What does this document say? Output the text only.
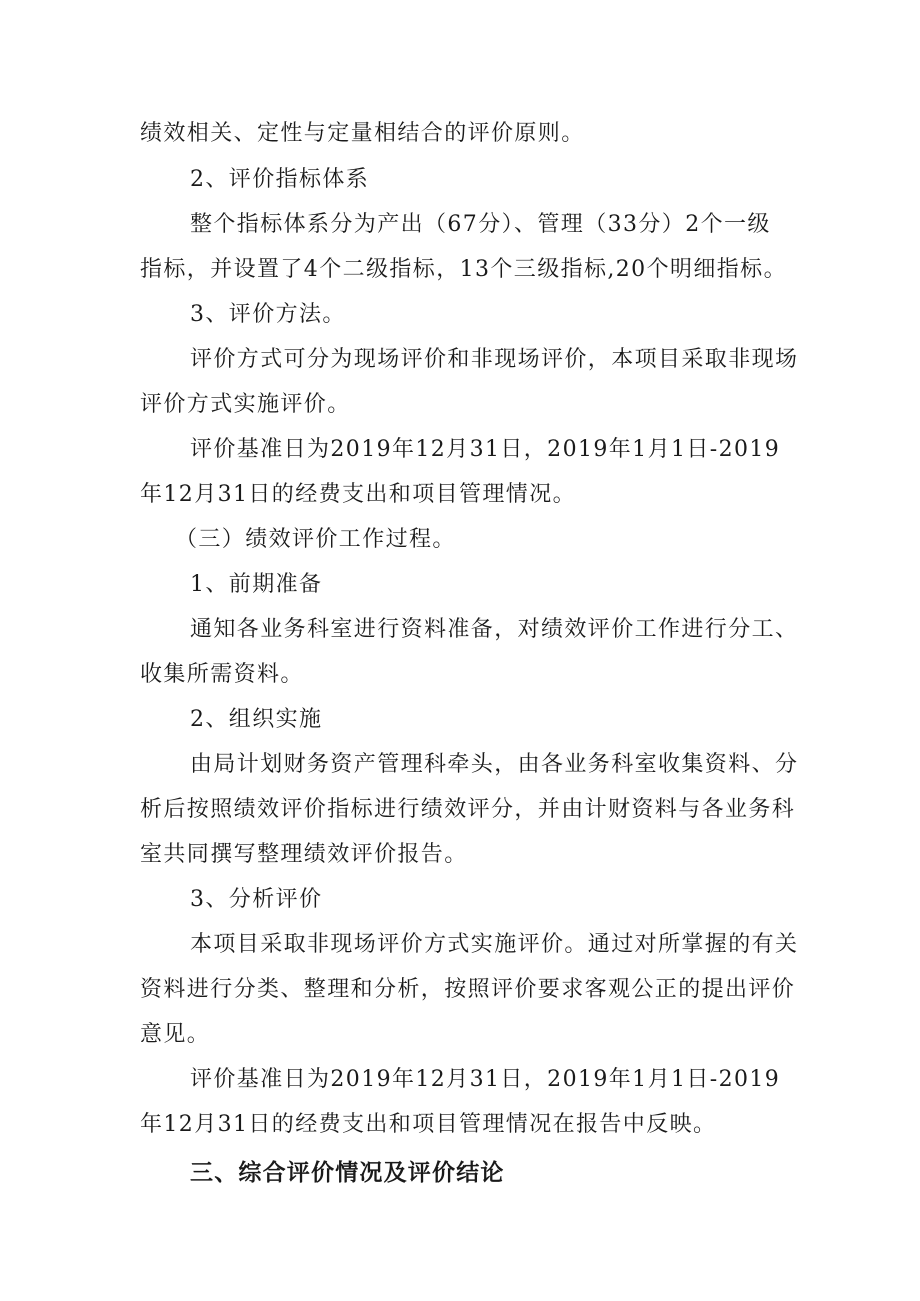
绩效相关、定性与定量相结合的评价原则。
2、评价指标体系
整个指标体系分为产出（67分）、管理（33分）2个一级
指标，并设置了4个二级指标，13个三级指标,20个明细指标。
3、评价方法。
评价方式可分为现场评价和非现场评价，本项目采取非现场
评价方式实施评价。
评价基准日为2019年12月31日，2019年1月1日-2019
年12月31日的经费支出和项目管理情况。
（三）绩效评价工作过程。
1、前期准备
通知各业务科室进行资料准备，对绩效评价工作进行分工、
收集所需资料。
2、组织实施
由局计划财务资产管理科牵头，由各业务科室收集资料、分
析后按照绩效评价指标进行绩效评分，并由计财资料与各业务科
室共同撰写整理绩效评价报告。
3、分析评价
本项目采取非现场评价方式实施评价。通过对所掌握的有关
资料进行分类、整理和分析，按照评价要求客观公正的提出评价
意见。
评价基准日为2019年12月31日，2019年1月1日-2019
年12月31日的经费支出和项目管理情况在报告中反映。
三、综合评价情况及评价结论
